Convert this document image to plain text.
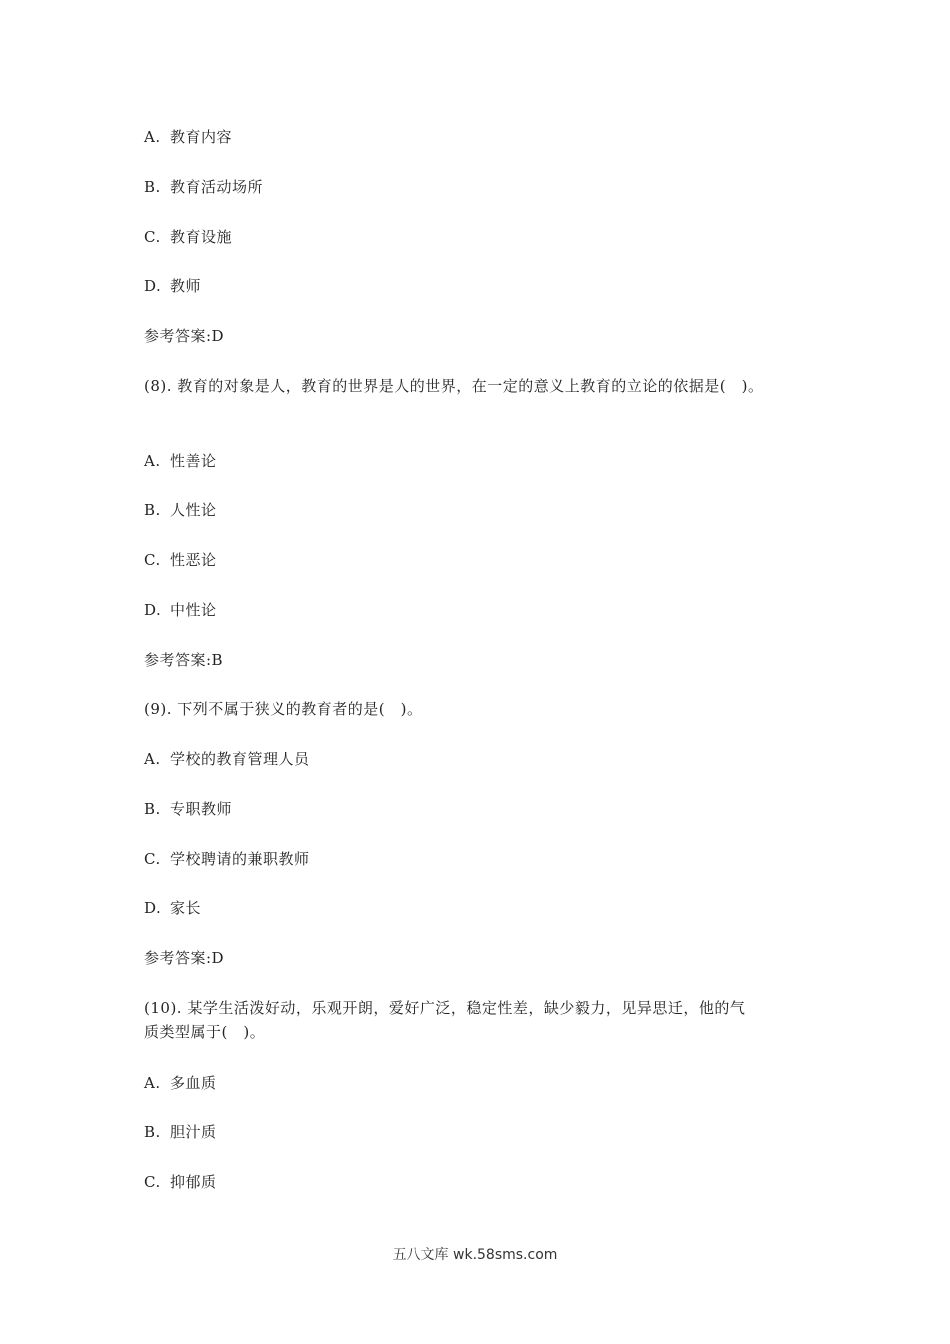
A. 教育内容
B. 教育活动场所
C. 教育设施
D. 教师
参考答案:D
(8). 教育的对象是人，教育的世界是人的世界，在一定的意义上教育的立论的依据是(　)。
A. 性善论
B. 人性论
C. 性恶论
D. 中性论
参考答案:B
(9). 下列不属于狭义的教育者的是(　)。
A. 学校的教育管理人员
B. 专职教师
C. 学校聘请的兼职教师
D. 家长
参考答案:D
(10). 某学生活泼好动，乐观开朗，爱好广泛，稳定性差，缺少毅力，见异思迁，他的气
质类型属于(　)。
A. 多血质
B. 胆汁质
C. 抑郁质
五八文库 wk.58sms.com
